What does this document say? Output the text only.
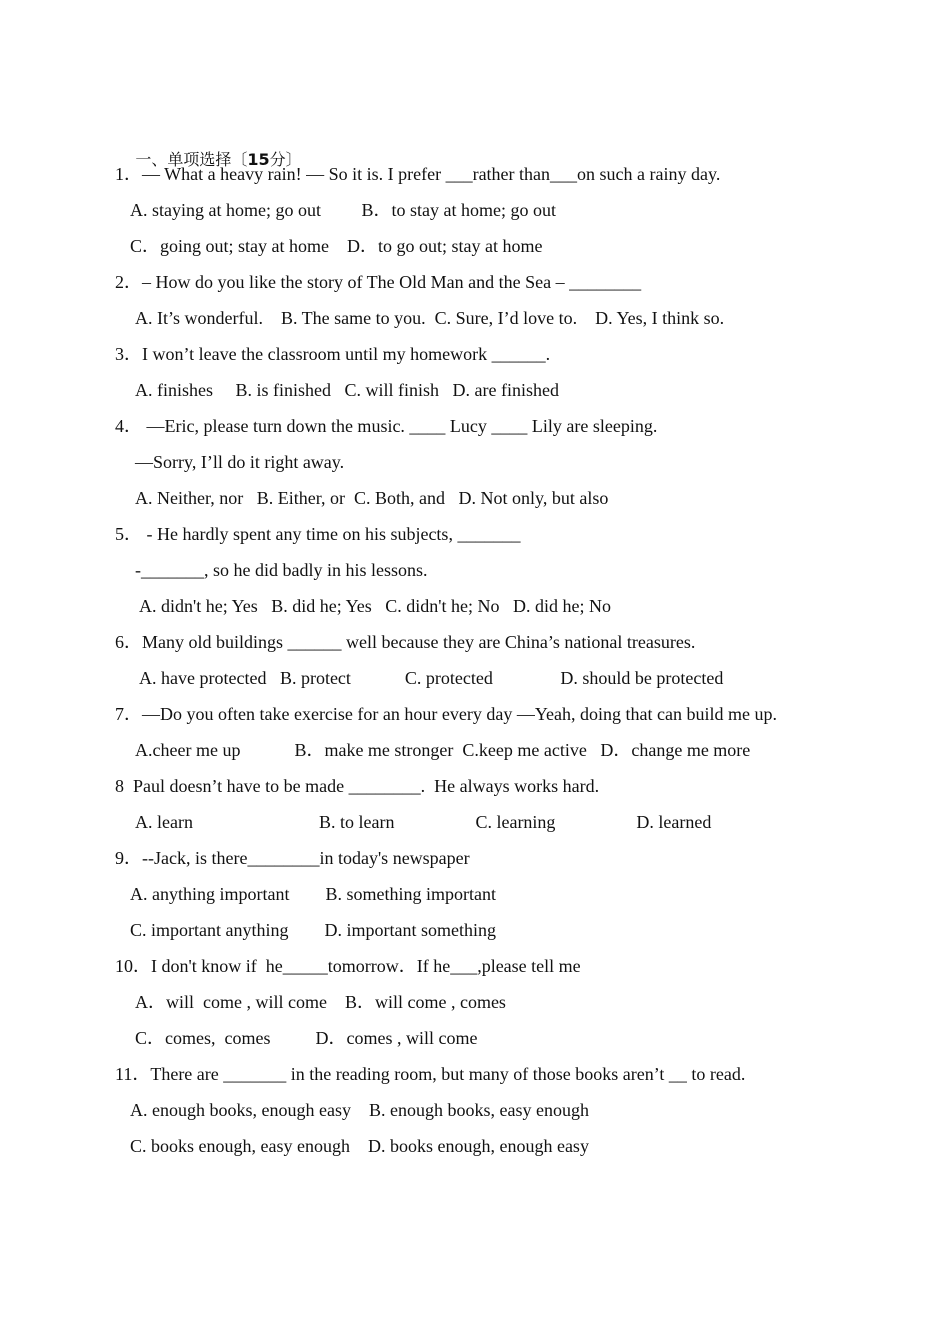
一、单项选择〔15分〕

1．— What a heavy rain! — So it is. I prefer ___rather than___on such a rainy day.
A. staying at home; go out         B．to stay at home; go out
C．going out; stay at home    D．to go out; stay at home
2．– How do you like the story of The Old Man and the Sea – ________
A. It’s wonderful.    B. The same to you.  C. Sure, I’d love to.    D. Yes, I think so.
3．I won’t leave the classroom until my homework ______.
A. finishes     B. is finished   C. will finish   D. are finished
4． —Eric, please turn down the music. ____ Lucy ____ Lily are sleeping.
—Sorry, I’ll do it right away.
A. Neither, nor   B. Either, or  C. Both, and   D. Not only, but also
5． - He hardly spent any time on his subjects, _______
-_______, so he did badly in his lessons.
A. didn't he; Yes   B. did he; Yes   C. didn't he; No   D. did he; No
6．Many old buildings ______ well because they are China’s national treasures.
A. have protected   B. protect            C. protected               D. should be protected
7．—Do you often take exercise for an hour every day —Yeah, doing that can build me up.
A.cheer me up            B．make me stronger  C.keep me active   D．change me more
8  Paul doesn’t have to be made ________.  He always works hard.
A. learn                            B. to learn                  C. learning                  D. learned
9．--Jack, is there________in today's newspaper
A. anything important        B. something important
C. important anything        D. important something
10．I don't know if  he_____tomorrow．If he___,please tell me
A．will  come , will come    B．will come , comes
C．comes,  comes          D．comes , will come
11．There are _______ in the reading room, but many of those books aren’t __ to read.
A. enough books, enough easy    B. enough books, easy enough
C. books enough, easy enough    D. books enough, enough easy
